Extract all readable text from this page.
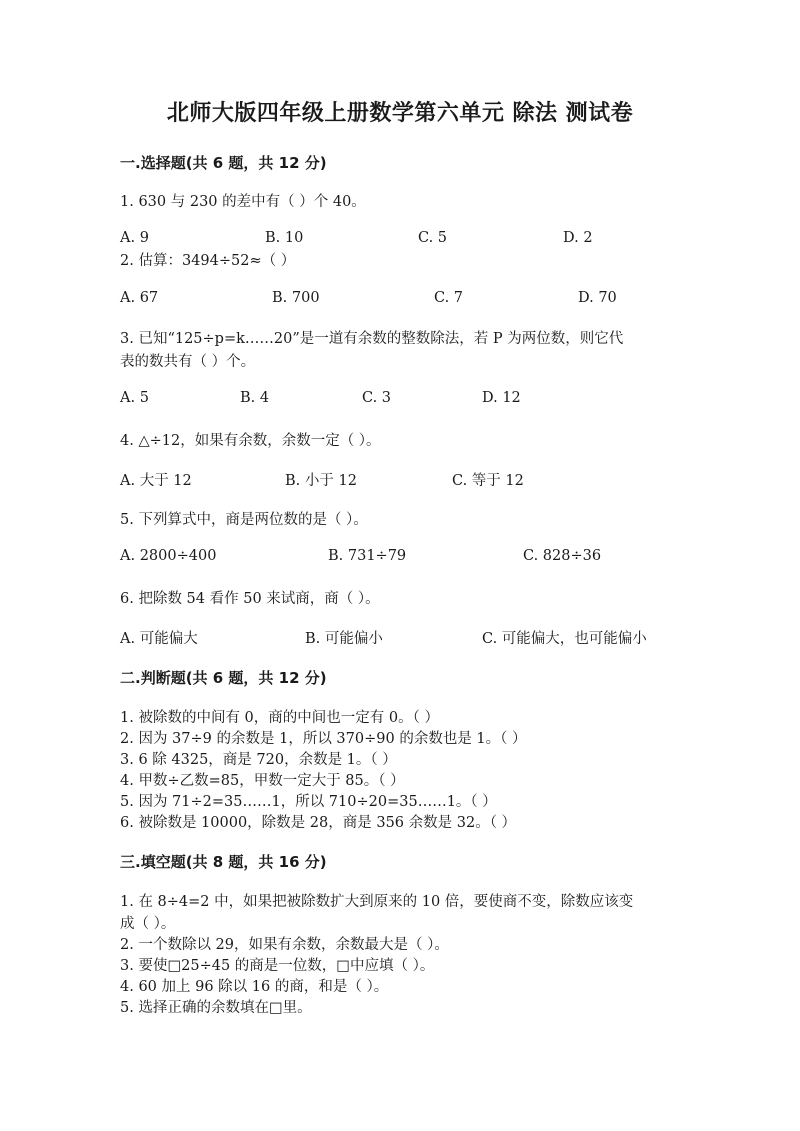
北师大版四年级上册数学第六单元 除法 测试卷
一.选择题(共 6 题，共 12 分)
1. 630 与 230 的差中有（ ）个 40。
A. 9	B. 10	C. 5	D. 2
2. 估算：3494÷52≈（ ）
A. 67	B. 700	C. 7	D. 70
3. 已知“125÷p=k……20”是一道有余数的整数除法，若 P 为两位数，则它代
表的数共有（ ）个。
A. 5	B. 4	C. 3	D. 12
4. △÷12，如果有余数，余数一定（ ）。
A. 大于 12	B. 小于 12	C. 等于 12
5. 下列算式中，商是两位数的是（ ）。
A. 2800÷400	B. 731÷79	C. 828÷36
6. 把除数 54 看作 50 来试商，商（ ）。
A. 可能偏大	B. 可能偏小	C. 可能偏大，也可能偏小
二.判断题(共 6 题，共 12 分)
1. 被除数的中间有 0，商的中间也一定有 0。（ ）
2. 因为 37÷9 的余数是 1，所以 370÷90 的余数也是 1。（ ）
3. 6 除 4325，商是 720，余数是 1。（ ）
4. 甲数÷乙数=85，甲数一定大于 85。（ ）
5. 因为 71÷2=35……1，所以 710÷20=35……1。（ ）
6. 被除数是 10000，除数是 28，商是 356 余数是 32。（ ）
三.填空题(共 8 题，共 16 分)
1. 在 8÷4=2 中，如果把被除数扩大到原来的 10 倍，要使商不变，除数应该变
成（ ）。
2. 一个数除以 29，如果有余数，余数最大是（ ）。
3. 要使□25÷45 的商是一位数，□中应填（ ）。
4. 60 加上 96 除以 16 的商，和是（ ）。
5. 选择正确的余数填在□里。
